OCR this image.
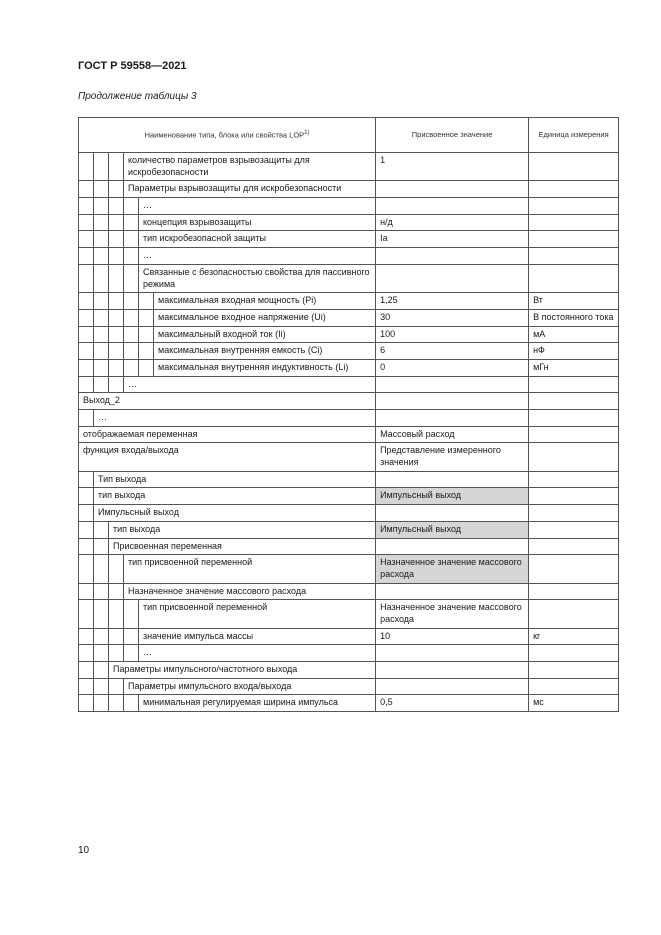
ГОСТ Р 59558—2021
Продолжение таблицы 3
Наименование типа, блока или свойства LOP$^{1)}$						Присвоенное значение	Единица измерения
			количество параметров взрывозащиты для искробезопасности			1	
			Параметры взрывозащиты для искробезопасности				
				…			
				концепция взрывозащиты		н/д	
				тип искробезопасной защиты		Ia	
				…			
				Связанные с безопасностью свойства для пассивного режима			
					максимальная входная мощность (Pi)	1,25	Вт
					максимальное входное напряжение (Ui)	30	В постоянного тока
					максимальный входной ток (Ii)	100	мА
					максимальная внутренняя емкость (Ci)	6	нФ
					максимальная внутренняя индуктивность (Li)	0	мГн
			…				
Выход_2							
	…						
отображаемая переменная						Массовый расход	
функция входа/выхода						Представление измеренного значения	
	Тип выхода						
	тип выхода					Импульсный выход	
	Импульсный выход						
		тип выхода				Импульсный выход	
		Присвоенная переменная					
			тип присвоенной переменной			Назначенное значение массового расхода	
			Назначенное значение массового расхода				
				тип присвоенной переменной		Назначенное значение массового расхода	
				значение импульса массы		10	кг
				…			
		Параметры импульсного/частотного выхода					
			Параметры импульсного входа/выхода				
				минимальная регулируемая ширина импульса		0,5	мс
10
